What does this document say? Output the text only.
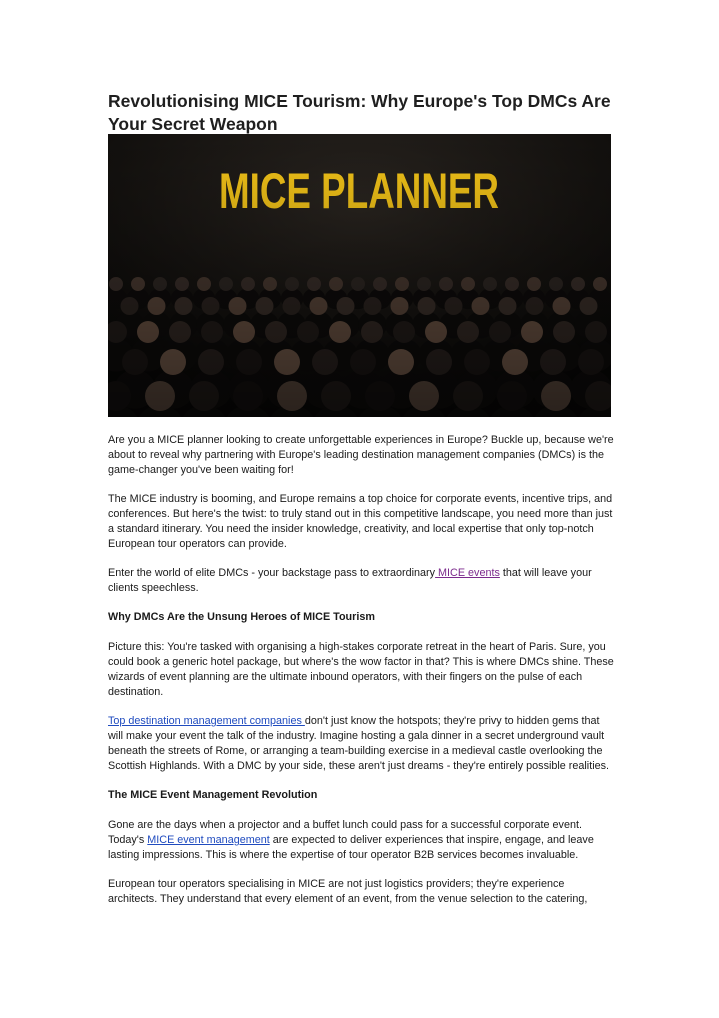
Revolutionising MICE Tourism: Why Europe's Top DMCs Are Your Secret Weapon

Are you a MICE planner looking to create unforgettable experiences in Europe? Buckle up, because we're about to reveal why partnering with Europe's leading destination management companies (DMCs) is the game-changer you've been waiting for!

The MICE industry is booming, and Europe remains a top choice for corporate events, incentive trips, and conferences. But here's the twist: to truly stand out in this competitive landscape, you need more than just a standard itinerary. You need the insider knowledge, creativity, and local expertise that only top-notch European tour operators can provide.

Enter the world of elite DMCs - your backstage pass to extraordinary MICE events that will leave your clients speechless.

Why DMCs Are the Unsung Heroes of MICE Tourism

Picture this: You're tasked with organising a high-stakes corporate retreat in the heart of Paris. Sure, you could book a generic hotel package, but where's the wow factor in that? This is where DMCs shine. These wizards of event planning are the ultimate inbound operators, with their fingers on the pulse of each destination.

Top destination management companies don't just know the hotspots; they're privy to hidden gems that will make your event the talk of the industry. Imagine hosting a gala dinner in a secret underground vault beneath the streets of Rome, or arranging a team-building exercise in a medieval castle overlooking the Scottish Highlands. With a DMC by your side, these aren't just dreams - they're entirely possible realities.

The MICE Event Management Revolution

Gone are the days when a projector and a buffet lunch could pass for a successful corporate event. Today's MICE event management are expected to deliver experiences that inspire, engage, and leave lasting impressions. This is where the expertise of tour operator B2B services becomes invaluable.

European tour operators specialising in MICE are not just logistics providers; they're experience architects. They understand that every element of an event, from the venue selection to the catering,
